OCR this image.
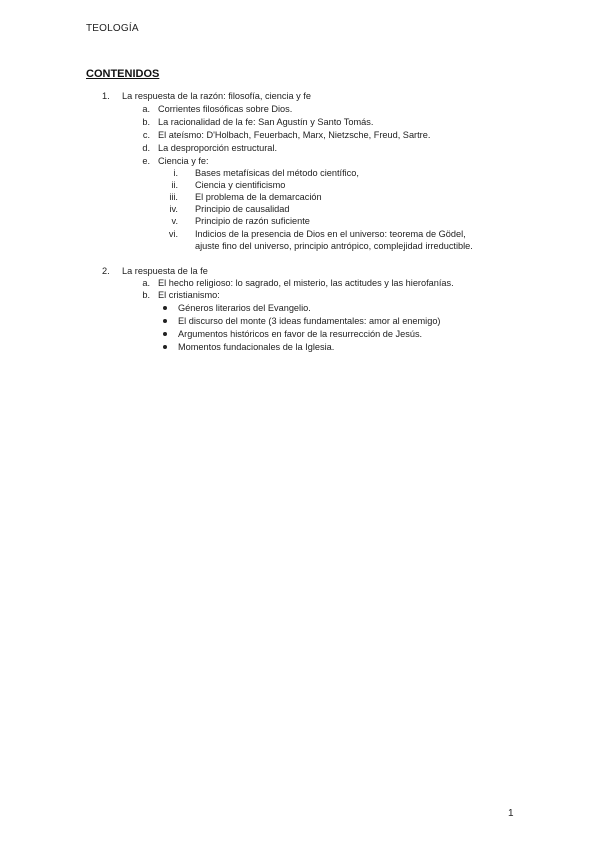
TEOLOGÍA
CONTENIDOS
1.	La respuesta de la razón: filosofía, ciencia y fe
a. Corrientes filosóficas sobre Dios.
b. La racionalidad de la fe: San Agustín y Santo Tomás.
c. El ateísmo: D'Holbach, Feuerbach, Marx, Nietzsche, Freud, Sartre.
d. La desproporción estructural.
e. Ciencia y fe:
i. Bases metafísicas del método científico,
ii. Ciencia y cientificismo
iii. El problema de la demarcación
iv. Principio de causalidad
v. Principio de razón suficiente
vi. Indicios de la presencia de Dios en el universo: teorema de Gödel,
ajuste fino del universo, principio antrópico, complejidad irreductible.
2.	La respuesta de la fe
a. El hecho religioso: lo sagrado, el misterio, las actitudes y las hierofanías.
b. El cristianismo:
Géneros literarios del Evangelio.
El discurso del monte (3 ideas fundamentales: amor al enemigo)
Argumentos históricos en favor de la resurrección de Jesús.
Momentos fundacionales de la Iglesia.
1
